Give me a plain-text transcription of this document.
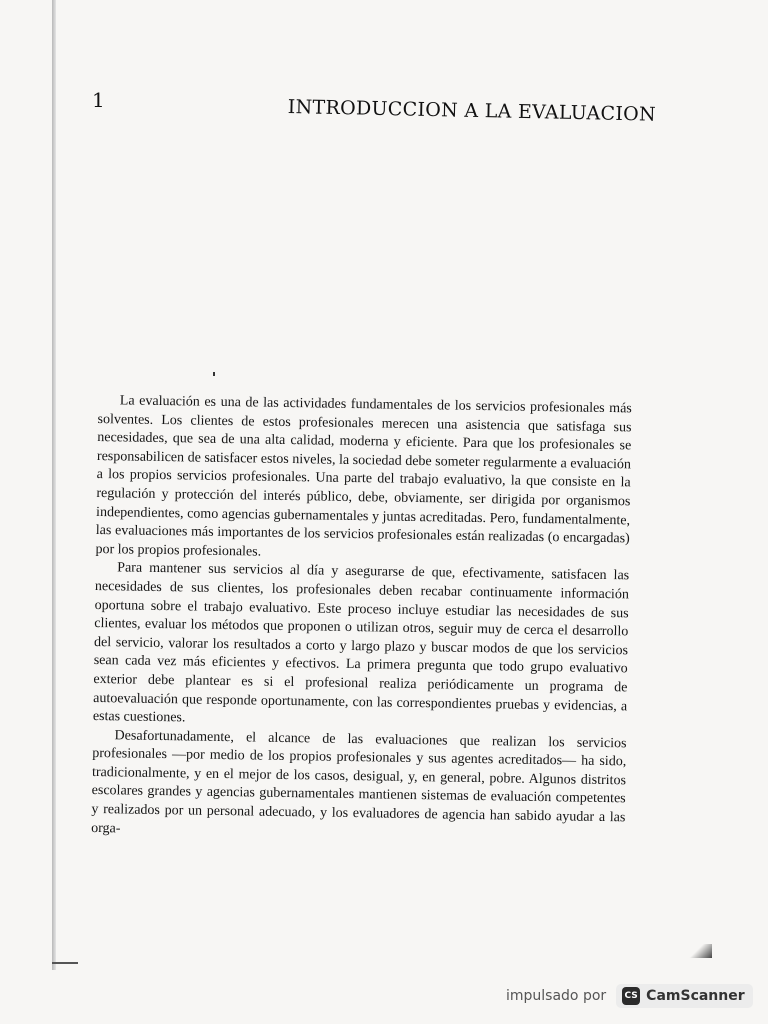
1	INTRODUCCION A LA EVALUACION

La evaluación es una de las actividades fundamentales de los servicios profesionales más solventes. Los clientes de estos profesionales merecen una asistencia que satisfaga sus necesidades, que sea de una alta calidad, moderna y eficiente. Para que los profesionales se responsabilicen de satisfacer estos niveles, la sociedad debe someter regularmente a evaluación a los propios servicios profesionales. Una parte del trabajo evaluativo, la que consiste en la regulación y protección del interés público, debe, obviamente, ser dirigida por organismos independientes, como agencias gubernamentales y juntas acreditadas. Pero, fundamentalmente, las evaluaciones más importantes de los servicios profesionales están realizadas (o encargadas) por los propios profesionales.

Para mantener sus servicios al día y asegurarse de que, efectivamente, satisfacen las necesidades de sus clientes, los profesionales deben recabar continuamente información oportuna sobre el trabajo evaluativo. Este proceso incluye estudiar las necesidades de sus clientes, evaluar los métodos que proponen o utilizan otros, seguir muy de cerca el desarrollo del servicio, valorar los resultados a corto y largo plazo y buscar modos de que los servicios sean cada vez más eficientes y efectivos. La primera pregunta que todo grupo evaluativo exterior debe plantear es si el profesional realiza periódicamente un programa de autoevaluación que responde oportunamente, con las correspondientes pruebas y evidencias, a estas cuestiones.

Desafortunadamente, el alcance de las evaluaciones que realizan los servicios profesionales —por medio de los propios profesionales y sus agentes acreditados— ha sido, tradicionalmente, y en el mejor de los casos, desigual, y, en general, pobre. Algunos distritos escolares grandes y agencias gubernamentales mantienen sistemas de evaluación competentes y realizados por un personal adecuado, y los evaluadores de agencia han sabido ayudar a las orga-

impulsado por CS CamScanner
